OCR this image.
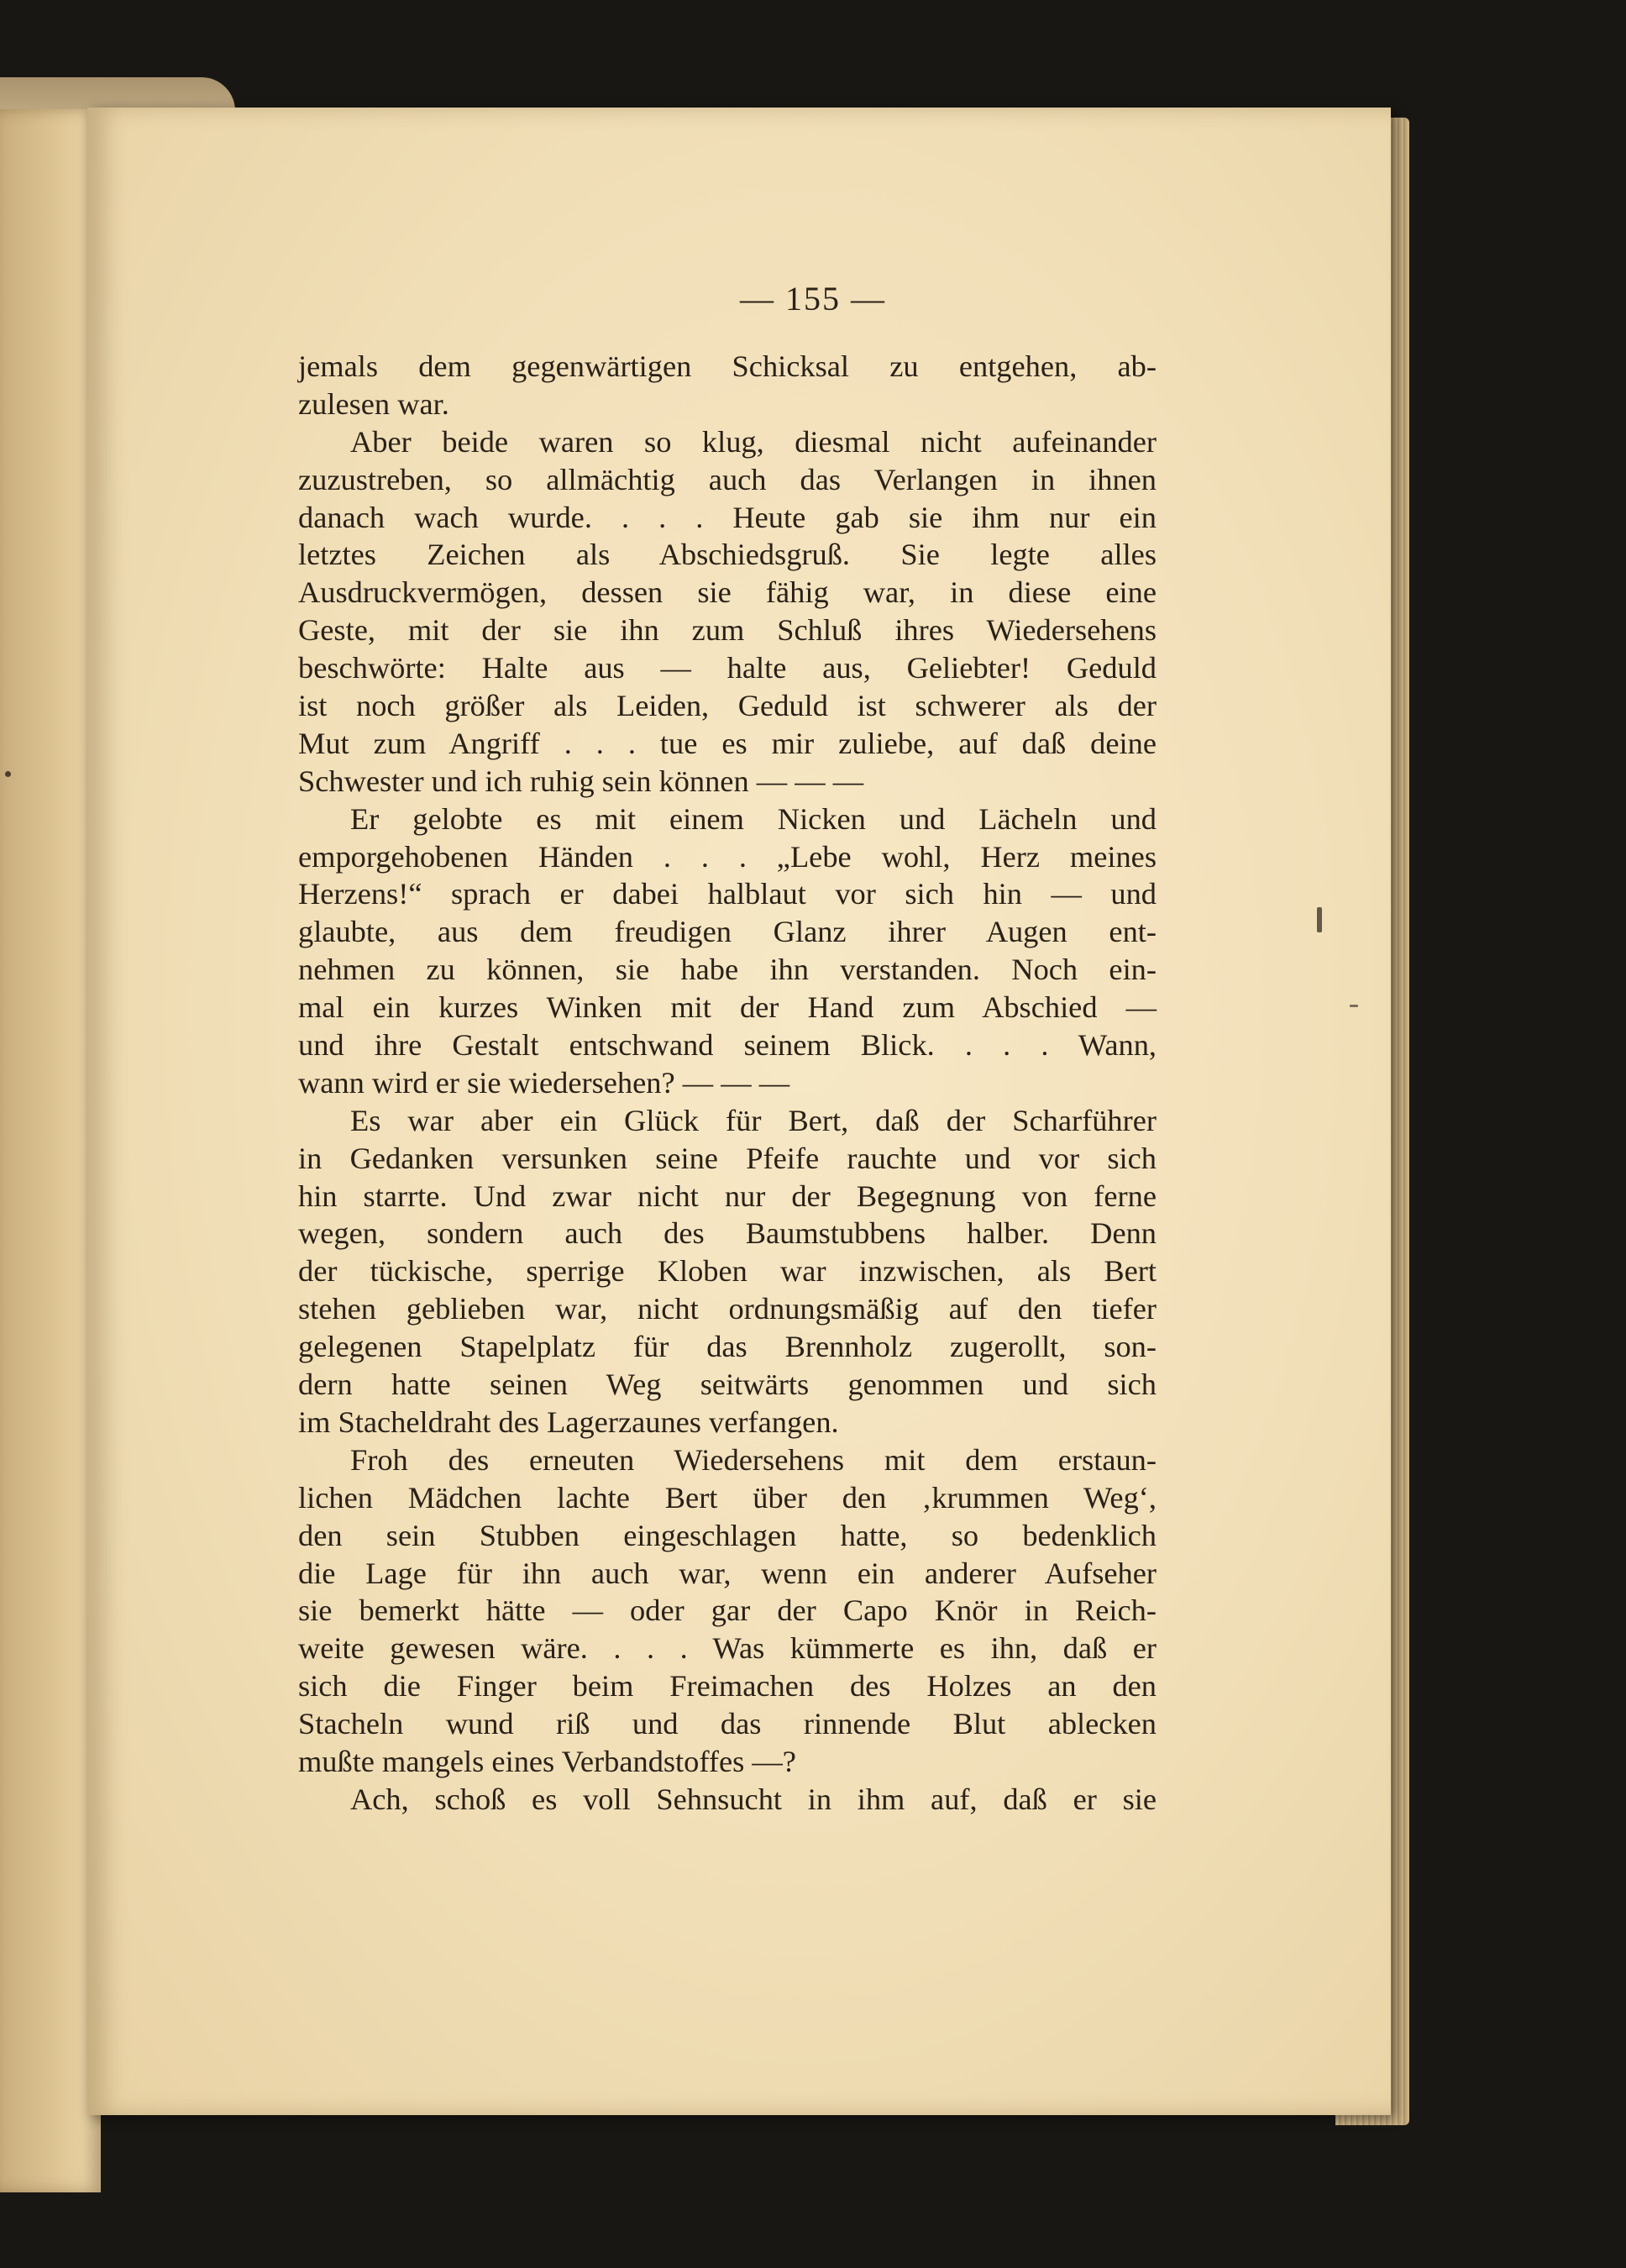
— 155 —
jemals dem gegenwärtigen Schicksal zu entgehen, ab-
zulesen war.
Aber beide waren so klug, diesmal nicht aufeinander
zuzustreben, so allmächtig auch das Verlangen in ihnen
danach wach wurde. . . . Heute gab sie ihm nur ein
letztes Zeichen als Abschiedsgruß. Sie legte alles
Ausdruckvermögen, dessen sie fähig war, in diese eine
Geste, mit der sie ihn zum Schluß ihres Wiedersehens
beschwörte: Halte aus — halte aus, Geliebter! Geduld
ist noch größer als Leiden, Geduld ist schwerer als der
Mut zum Angriff . . . tue es mir zuliebe, auf daß deine
Schwester und ich ruhig sein können — — —
Er gelobte es mit einem Nicken und Lächeln und
emporgehobenen Händen . . . „Lebe wohl, Herz meines
Herzens!“ sprach er dabei halblaut vor sich hin — und
glaubte, aus dem freudigen Glanz ihrer Augen ent-
nehmen zu können, sie habe ihn verstanden. Noch ein-
mal ein kurzes Winken mit der Hand zum Abschied —
und ihre Gestalt entschwand seinem Blick. . . . Wann,
wann wird er sie wiedersehen? — — —
Es war aber ein Glück für Bert, daß der Scharführer
in Gedanken versunken seine Pfeife rauchte und vor sich
hin starrte. Und zwar nicht nur der Begegnung von ferne
wegen, sondern auch des Baumstubbens halber. Denn
der tückische, sperrige Kloben war inzwischen, als Bert
stehen geblieben war, nicht ordnungsmäßig auf den tiefer
gelegenen Stapelplatz für das Brennholz zugerollt, son-
dern hatte seinen Weg seitwärts genommen und sich
im Stacheldraht des Lagerzaunes verfangen.
Froh des erneuten Wiedersehens mit dem erstaun-
lichen Mädchen lachte Bert über den ‚krummen Weg‘,
den sein Stubben eingeschlagen hatte, so bedenklich
die Lage für ihn auch war, wenn ein anderer Aufseher
sie bemerkt hätte — oder gar der Capo Knör in Reich-
weite gewesen wäre. . . . Was kümmerte es ihn, daß er
sich die Finger beim Freimachen des Holzes an den
Stacheln wund riß und das rinnende Blut ablecken
mußte mangels eines Verbandstoffes —?
Ach, schoß es voll Sehnsucht in ihm auf, daß er sie
